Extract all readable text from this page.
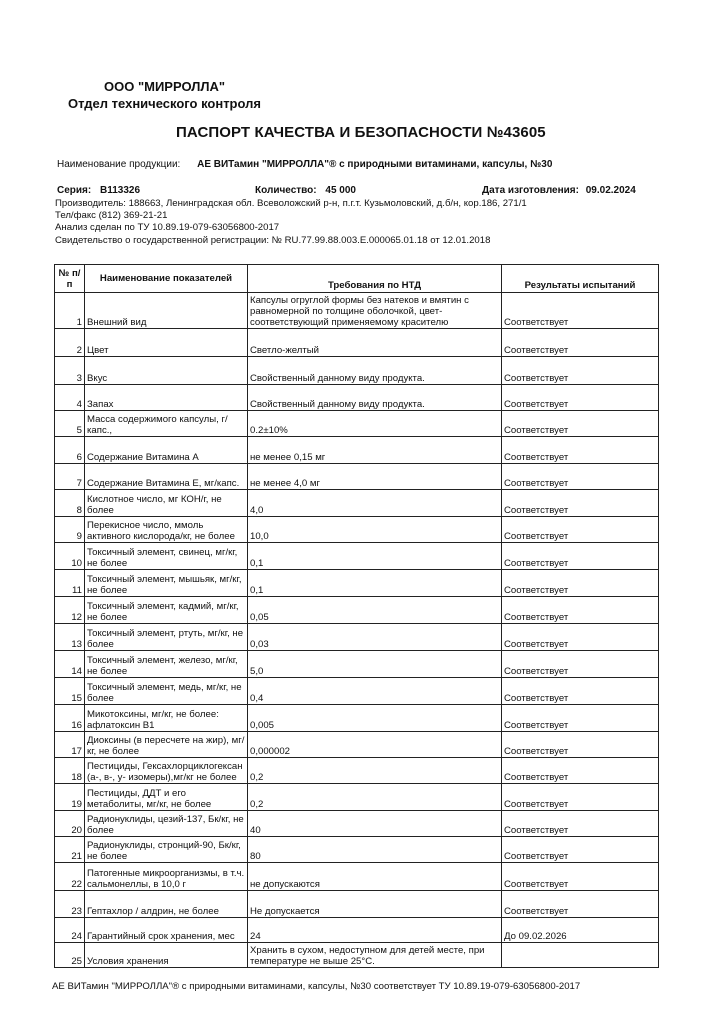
ООО "МИРРОЛЛА"
Отдел технического контроля
ПАСПОРТ КАЧЕСТВА И БЕЗОПАСНОСТИ №43605
Наименование продукции: АЕ ВИТамин "МИРРОЛЛА"® с природными витаминами, капсулы, №30
Серия: В113326	Количество: 45 000	Дата изготовления: 09.02.2024
Производитель: 188663, Ленинградская обл. Всеволожский р-н, п.г.т. Кузьмоловский, д.б/н, кор.186, 271/1
Тел/факс (812) 369-21-21
Анализ сделан по ТУ 10.89.19-079-63056800-2017
Свидетельство о государственной регистрации: № RU.77.99.88.003.Е.000065.01.18 от 12.01.2018
№ п/п	Наименование показателей	Требования по НТД	Результаты испытаний
1	Внешний вид	Капсулы огруглой формы без натеков и вмятин с равномерной по толщине оболочкой, цвет-соответствующий применяемому красителю	Соответствует
2	Цвет	Светло-желтый	Соответствует
3	Вкус	Свойственный данному виду продукта.	Соответствует
4	Запах	Свойственный данному виду продукта.	Соответствует
5	Масса содержимого капсулы, г/капс.,	0.2±10%	Соответствует
6	Содержание Витамина А	не менее 0,15 мг	Соответствует
7	Содержание Витамина Е, мг/капс.	не менее 4,0 мг	Соответствует
8	Кислотное число, мг КОН/г, не более	4,0	Соответствует
9	Перекисное число, ммоль активного кислорода/кг, не более	10,0	Соответствует
10	Токсичный элемент, свинец, мг/кг, не более	0,1	Соответствует
11	Токсичный элемент, мышьяк, мг/кг, не более	0,1	Соответствует
12	Токсичный элемент, кадмий, мг/кг, не более	0,05	Соответствует
13	Токсичный элемент, ртуть, мг/кг, не более	0,03	Соответствует
14	Токсичный элемент, железо, мг/кг, не более	5,0	Соответствует
15	Токсичный элемент, медь, мг/кг, не более	0,4	Соответствует
16	Микотоксины, мг/кг, не более: афлатоксин В1	0,005	Соответствует
17	Диоксины (в пересчете на жир), мг/кг, не более	0,000002	Соответствует
18	Пестициды, Гексахлорциклогексан (а-, в-, у- изомеры),мг/кг не более	0,2	Соответствует
19	Пестициды, ДДТ и его метаболиты, мг/кг, не более	0,2	Соответствует
20	Радионуклиды, цезий-137, Бк/кг, не более	40	Соответствует
21	Радионуклиды, стронций-90, Бк/кг, не более	80	Соответствует
22	Патогенные микроорганизмы, в т.ч. сальмонеллы, в 10,0 г	не допускаются	Соответствует
23	Гептахлор / алдрин, не более	Не допускается	Соответствует
24	Гарантийный срок хранения, мес	24	До 09.02.2026
25	Условия хранения	Хранить в сухом, недоступном для детей месте, при температуре не выше 25°С.	
АЕ ВИТамин "МИРРОЛЛА"® с природными витаминами, капсулы, №30 соответствует ТУ 10.89.19-079-63056800-2017
